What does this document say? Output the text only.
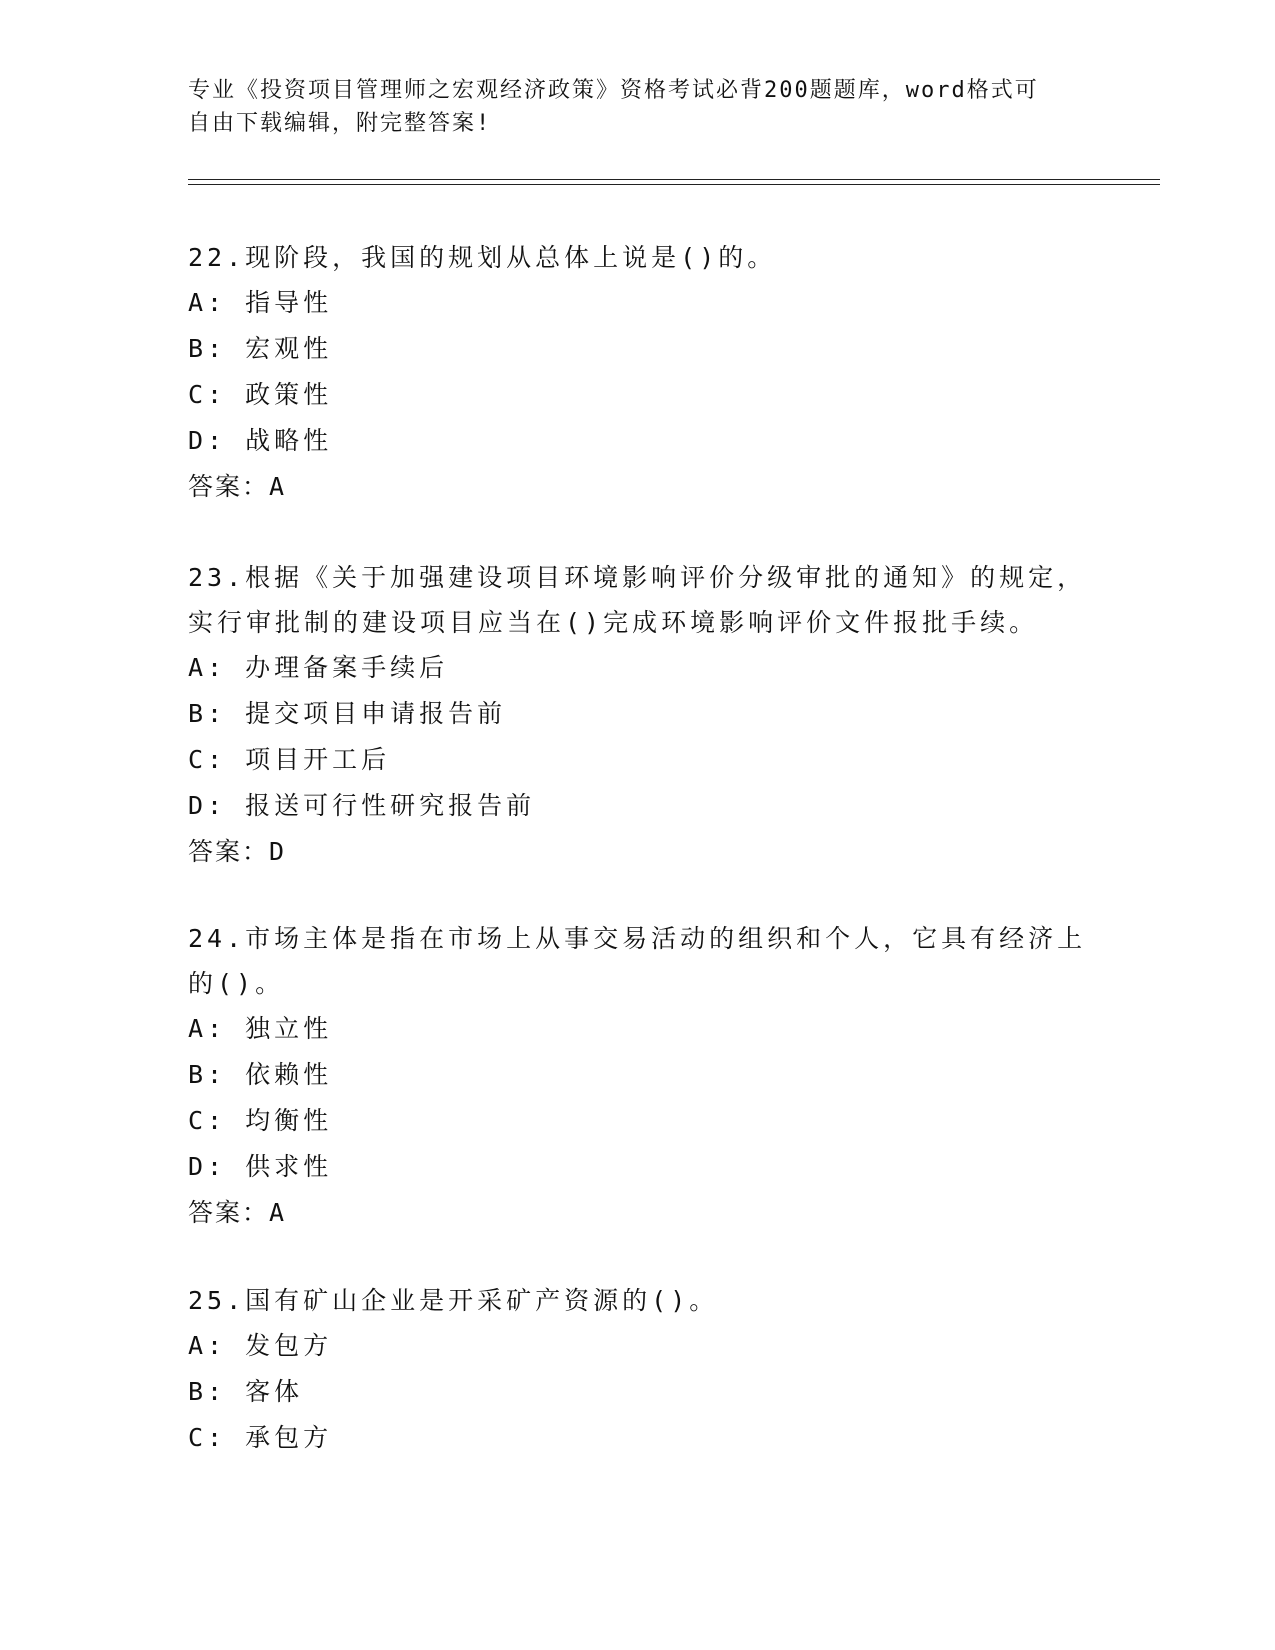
专业《投资项目管理师之宏观经济政策》资格考试必背200题题库，word格式可
自由下载编辑，附完整答案!
22.现阶段，我国的规划从总体上说是()的。
A: 指导性
B: 宏观性
C: 政策性
D: 战略性
答案：A
23.根据《关于加强建设项目环境影响评价分级审批的通知》的规定，
实行审批制的建设项目应当在()完成环境影响评价文件报批手续。
A: 办理备案手续后
B: 提交项目申请报告前
C: 项目开工后
D: 报送可行性研究报告前
答案：D
24.市场主体是指在市场上从事交易活动的组织和个人，它具有经济上
的()。
A: 独立性
B: 依赖性
C: 均衡性
D: 供求性
答案：A
25.国有矿山企业是开采矿产资源的()。
A: 发包方
B: 客体
C: 承包方
